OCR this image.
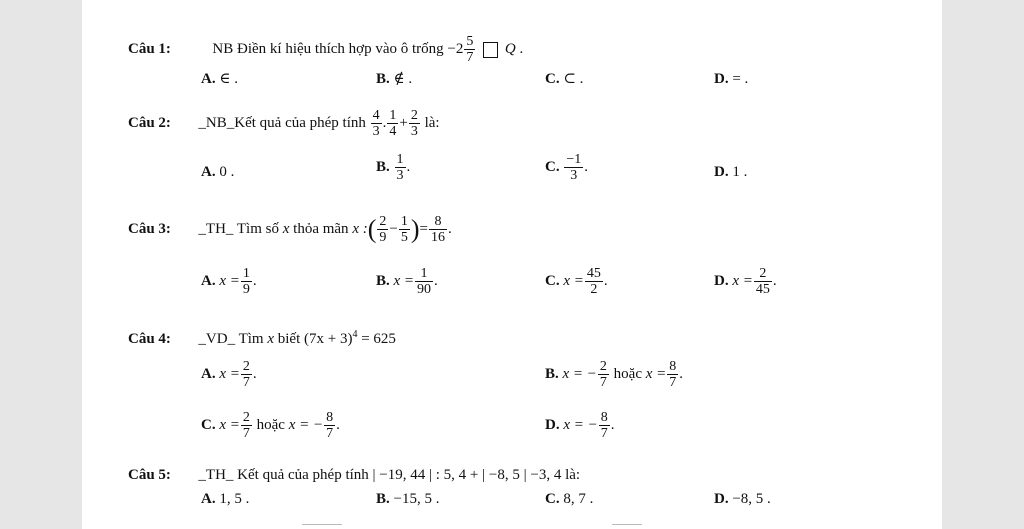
Câu 1:	NB Điền kí hiệu thích hợp vào ô trống $-2 \frac{5}{7}$ Q .
A. ∈ .	B. ∉ .	C. ⊂ .	D. = .
Câu 2: _NB_Kết quả của phép tính $\frac{4}{3}$ . $\frac{1}{4} + \frac{2}{3}$ là:
A. 0 .	B. $\frac{1}{3}$ .	C. $\frac{-1}{3}$ .	D. 1 .
Câu 3: _TH_ Tìm số x thỏa mãn x :( $\frac{2}{9} - \frac{1}{5}$ )= $\frac{8}{16}$ .
A. $x = \frac{1}{9}$ .	B. $x = \frac{1}{90}$ .	C. $x = \frac{45}{2}$ .	D. $x = \frac{2}{45}$ .
Câu 4: _VD_ Tìm x biết $(7x + 3)^4 = 625$
A. $x = \frac{2}{7}$ .	B. x = − $\frac{2}{7}$ hoặc $x = \frac{8}{7}$ .
C. $x = \frac{2}{7}$ hoặc x = − $\frac{8}{7}$ .	D. x = − $\frac{8}{7}$ .
Câu 5: _TH_ Kết quả của phép tính | −19, 44 | : 5, 4 + | −8, 5 | −3, 4 là:
A. 1, 5 .	B. −15, 5 .	C. 8, 7 .	D. −8, 5 .
